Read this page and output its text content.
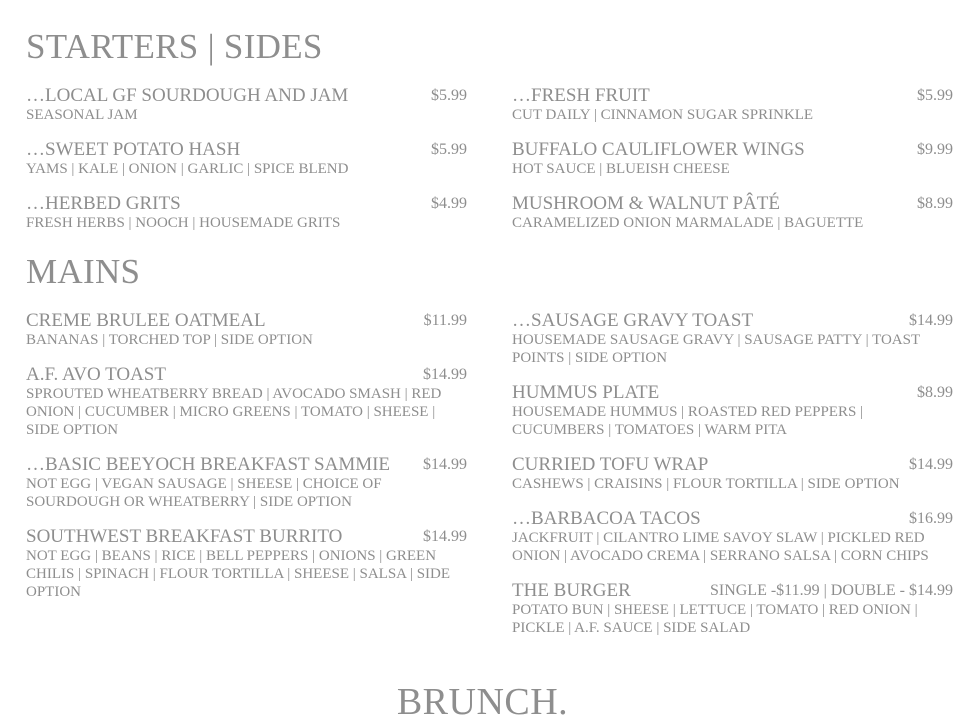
STARTERS | SIDES
…LOCAL GF SOURDOUGH AND JAM	$5.99
SEASONAL JAM
…SWEET POTATO HASH	$5.99
YAMS | KALE | ONION | GARLIC | SPICE BLEND
…HERBED GRITS	$4.99
FRESH HERBS | NOOCH | HOUSEMADE GRITS
…FRESH FRUIT	$5.99
CUT DAILY | CINNAMON SUGAR SPRINKLE
BUFFALO CAULIFLOWER WINGS	$9.99
HOT SAUCE | BLUEISH CHEESE
MUSHROOM & WALNUT PÂTÉ	$8.99
CARAMELIZED ONION MARMALADE | BAGUETTE
MAINS
CREME BRULEE OATMEAL	$11.99
BANANAS | TORCHED TOP | SIDE OPTION
A.F. AVO TOAST	$14.99
SPROUTED WHEATBERRY BREAD | AVOCADO SMASH | RED ONION | CUCUMBER | MICRO GREENS | TOMATO | SHEESE | SIDE OPTION
…BASIC BEEYOCH BREAKFAST SAMMIE	$14.99
NOT EGG | VEGAN SAUSAGE | SHEESE | CHOICE OF SOURDOUGH OR WHEATBERRY | SIDE OPTION
SOUTHWEST BREAKFAST BURRITO	$14.99
NOT EGG | BEANS | RICE | BELL PEPPERS | ONIONS | GREEN CHILIS | SPINACH | FLOUR TORTILLA | SHEESE | SALSA | SIDE OPTION
…SAUSAGE GRAVY TOAST	$14.99
HOUSEMADE SAUSAGE GRAVY | SAUSAGE PATTY | TOAST POINTS | SIDE OPTION
HUMMUS PLATE	$8.99
HOUSEMADE HUMMUS | ROASTED RED PEPPERS | CUCUMBERS | TOMATOES | WARM PITA
CURRIED TOFU WRAP	$14.99
CASHEWS | CRAISINS | FLOUR TORTILLA | SIDE OPTION
…BARBACOA TACOS	$16.99
JACKFRUIT | CILANTRO LIME SAVOY SLAW | PICKLED RED ONION | AVOCADO CREMA | SERRANO SALSA | CORN CHIPS
THE BURGER	SINGLE -$11.99 | DOUBLE - $14.99
POTATO BUN | SHEESE | LETTUCE | TOMATO | RED ONION | PICKLE | A.F. SAUCE | SIDE SALAD
BRUNCH.
